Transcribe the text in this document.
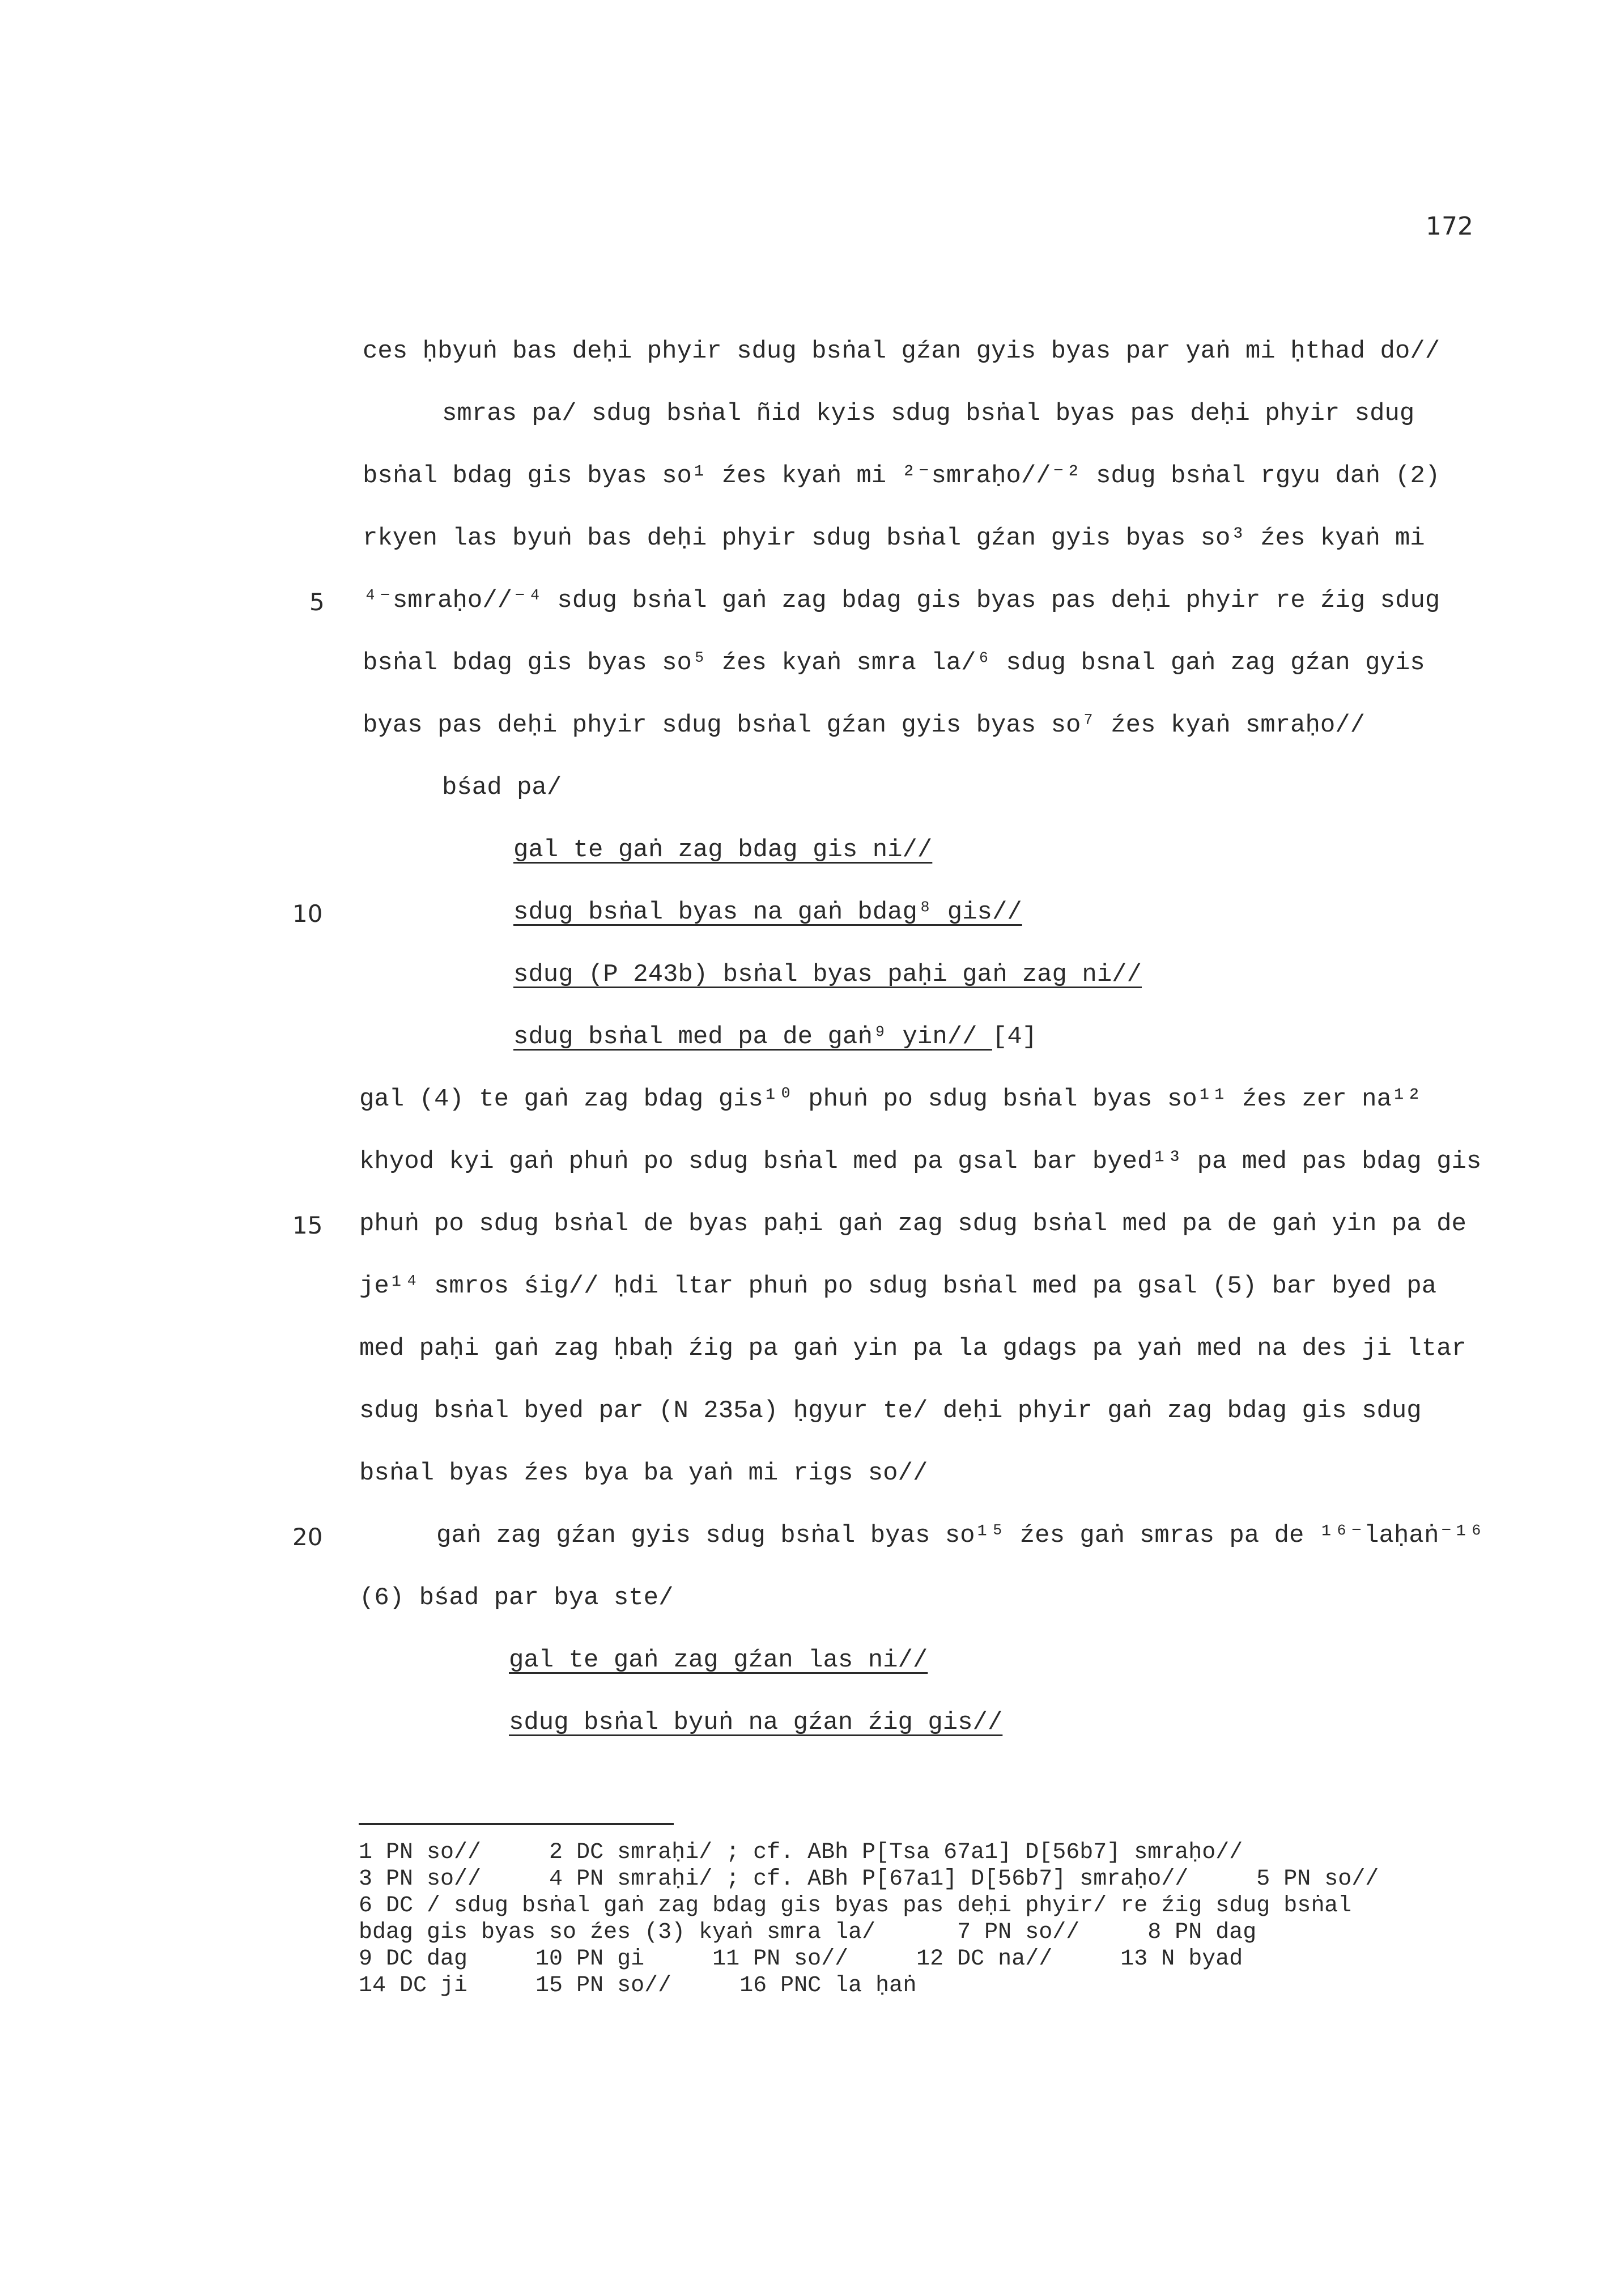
172
ces ḥbyuṅ bas deḥi phyir sdug bsṅal gźan gyis byas par yaṅ mi ḥthad do//
smras pa/ sdug bsṅal ñid kyis sdug bsṅal byas pas deḥi phyir sdug
bsṅal bdag gis byas so¹ źes kyaṅ mi ²⁻smraḥo//⁻² sdug bsṅal rgyu daṅ (2)
rkyen las byuṅ bas deḥi phyir sdug bsṅal gźan gyis byas so³ źes kyaṅ mi
⁴⁻smraḥo//⁻⁴ sdug bsṅal gaṅ zag bdag gis byas pas deḥi phyir re źig sdug
5
bsṅal bdag gis byas so⁵ źes kyaṅ smra la/⁶ sdug bsnal gaṅ zag gźan gyis
byas pas deḥi phyir sdug bsṅal gźan gyis byas so⁷ źes kyaṅ smraḥo//
bśad pa/
gal te gaṅ zag bdag gis ni//
sdug bsṅal byas na gaṅ bdag⁸ gis//
10
sdug (P 243b) bsṅal byas paḥi gaṅ zag ni//
sdug bsṅal med pa de gaṅ⁹ yin// [4]
gal (4) te gaṅ zag bdag gis¹⁰ phuṅ po sdug bsṅal byas so¹¹ źes zer na¹²
khyod kyi gaṅ phuṅ po sdug bsṅal med pa gsal bar byed¹³ pa med pas bdag gis
phuṅ po sdug bsṅal de byas paḥi gaṅ zag sdug bsṅal med pa de gaṅ yin pa de
15
je¹⁴ smros śig// ḥdi ltar phuṅ po sdug bsṅal med pa gsal (5) bar byed pa
med paḥi gaṅ zag ḥbaḥ źig pa gaṅ yin pa la gdags pa yaṅ med na des ji ltar
sdug bsṅal byed par (N 235a) ḥgyur te/ deḥi phyir gaṅ zag bdag gis sdug
bsṅal byas źes bya ba yaṅ mi rigs so//
gaṅ zag gźan gyis sdug bsṅal byas so¹⁵ źes gaṅ smras pa de ¹⁶⁻laḥaṅ⁻¹⁶
20
(6) bśad par bya ste/
gal te gaṅ zag gźan las ni//
sdug bsṅal byuṅ na gźan źig gis//
1 PN so//     2 DC smraḥi/ ; cf. ABh P[Tsa 67a1] D[56b7] smraḥo//
3 PN so//     4 PN smraḥi/ ; cf. ABh P[67a1] D[56b7] smraḥo//     5 PN so//
6 DC / sdug bsṅal gaṅ zag bdag gis byas pas deḥi phyir/ re źig sdug bsṅal
bdag gis byas so źes (3) kyaṅ smra la/      7 PN so//     8 PN dag
9 DC dag     10 PN gi     11 PN so//     12 DC na//     13 N byad
14 DC ji     15 PN so//     16 PNC la ḥaṅ
